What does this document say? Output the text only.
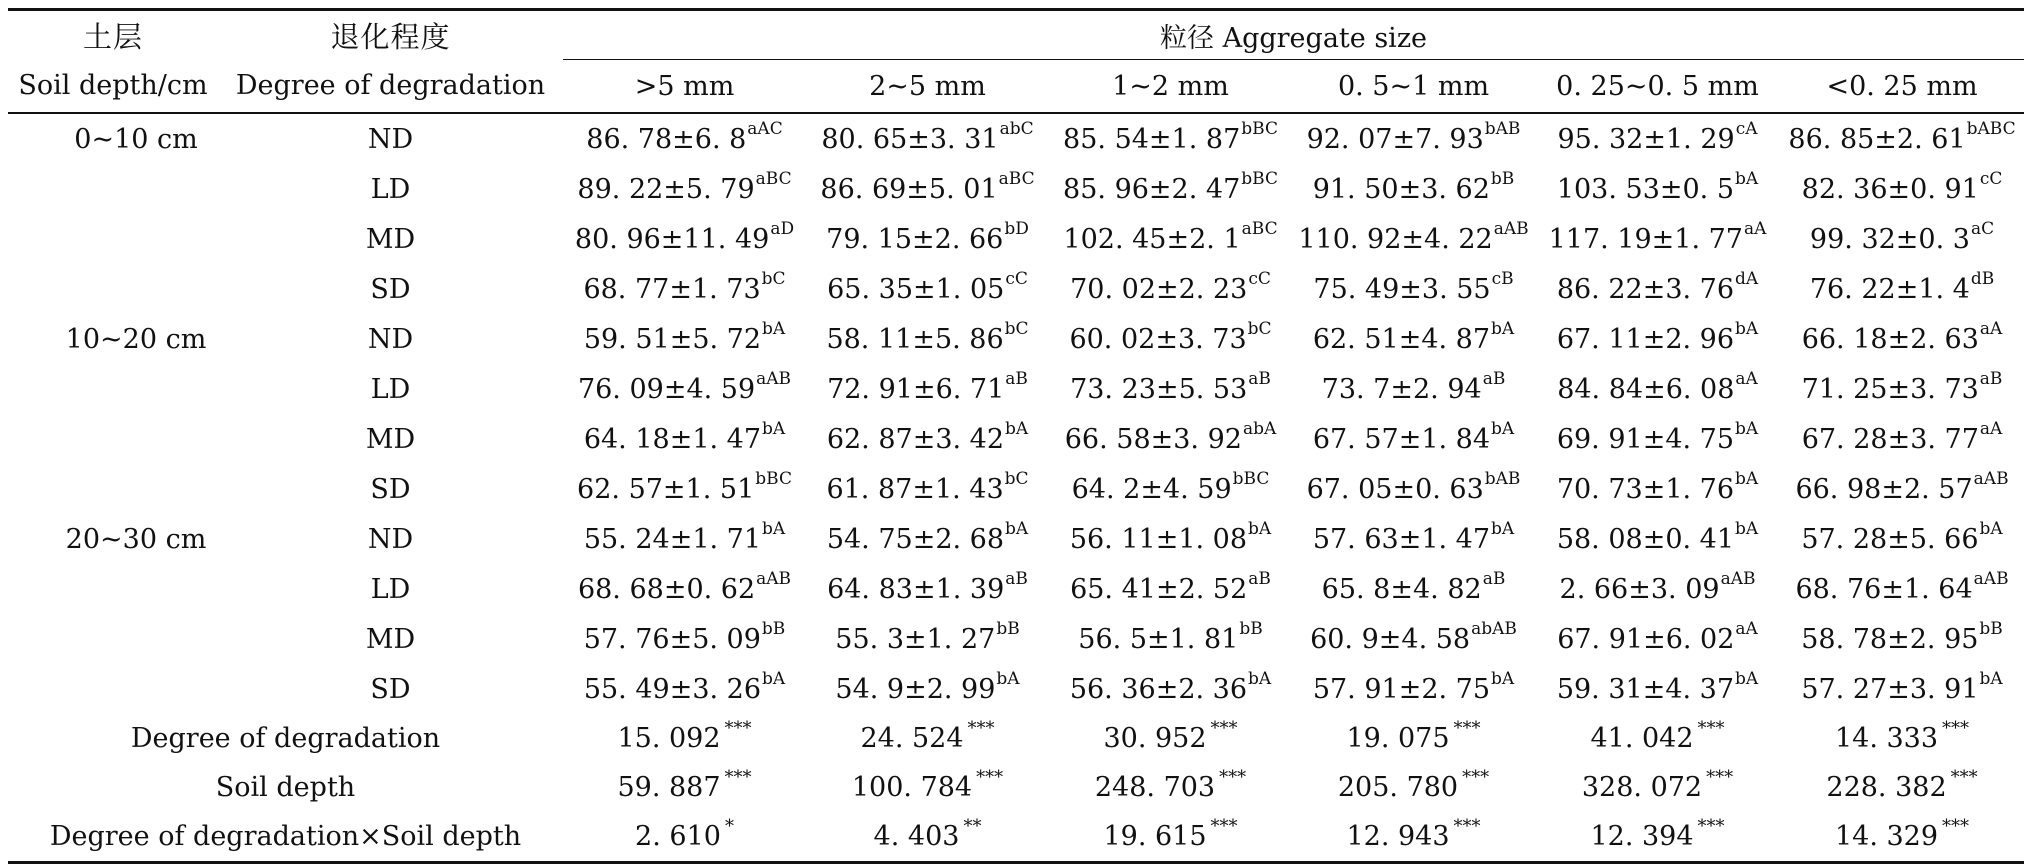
土层	退化程度	粒径 Aggregate size					
Soil depth/cm	Degree of degradation	>5 mm	2~5 mm	1~2 mm	0. 5~1 mm	0. 25~0. 5 mm	<0. 25 mm
0~10 cm	ND	86. 78±6. $8^{aAC}$	80. 65±3. $31^{abC}$	85. 54±1. $87^{bBC}$	92. 07±7. $93^{bAB}$	95. 32±1. $29^{cA}$	86. 85±2. $61^{bABC}$
	LD	89. 22±5. $79^{aBC}$	86. 69±5. $01^{aBC}$	85. 96±2. $47^{bBC}$	91. 50±3. $62^{bB}$	103. 53±0. $5^{bA}$	82. 36±0. $91^{cC}$
	MD	80. 96±11. $49^{aD}$	79. 15±2. $66^{bD}$	102. 45±2. $1^{aBC}$	110. 92±4. $22^{aAB}$	117. 19±1. $77^{aA}$	99. 32±0. $3^{aC}$
	SD	68. 77±1. $73^{bC}$	65. 35±1. $05^{cC}$	70. 02±2. $23^{cC}$	75. 49±3. $55^{cB}$	86. 22±3. $76^{dA}$	76. 22±1. $4^{dB}$
10~20 cm	ND	59. 51±5. $72^{bA}$	58. 11±5. $86^{bC}$	60. 02±3. $73^{bC}$	62. 51±4. $87^{bA}$	67. 11±2. $96^{bA}$	66. 18±2. $63^{aA}$
	LD	76. 09±4. $59^{aAB}$	72. 91±6. $71^{aB}$	73. 23±5. $53^{aB}$	73. 7±2. $94^{aB}$	84. 84±6. $08^{aA}$	71. 25±3. $73^{aB}$
	MD	64. 18±1. $47^{bA}$	62. 87±3. $42^{bA}$	66. 58±3. $92^{abA}$	67. 57±1. $84^{bA}$	69. 91±4. $75^{bA}$	67. 28±3. $77^{aA}$
	SD	62. 57±1. $51^{bBC}$	61. 87±1. $43^{bC}$	64. 2±4. $59^{bBC}$	67. 05±0. $63^{bAB}$	70. 73±1. $76^{bA}$	66. 98±2. $57^{aAB}$
20~30 cm	ND	55. 24±1. $71^{bA}$	54. 75±2. $68^{bA}$	56. 11±1. $08^{bA}$	57. 63±1. $47^{bA}$	58. 08±0. $41^{bA}$	57. 28±5. $66^{bA}$
	LD	68. 68±0. $62^{aAB}$	64. 83±1. $39^{aB}$	65. 41±2. $52^{aB}$	65. 8±4. $82^{aB}$	2. 66±3. $09^{aAB}$	68. 76±1. $64^{aAB}$
	MD	57. 76±5. $09^{bB}$	55. 3±1. $27^{bB}$	56. 5±1. $81^{bB}$	60. 9±4. $58^{abAB}$	67. 91±6. $02^{aA}$	58. 78±2. $95^{bB}$
	SD	55. 49±3. $26^{bA}$	54. 9±2. $99^{bA}$	56. 36±2. $36^{bA}$	57. 91±2. $75^{bA}$	59. 31±4. $37^{bA}$	57. 27±3. $91^{bA}$
Degree of degradation		15. 092 ***	24. 524 ***	30. 952 ***	19. 075 ***	41. 042 ***	14. 333 ***
Soil depth		59. 887 ***	100. 784 ***	248. 703 ***	205. 780 ***	328. 072 ***	228. 382 ***
Degree of degradation×Soil depth		2. 610 *	4. 403 **	19. 615 ***	12. 943 ***	12. 394 ***	14. 329 ***
